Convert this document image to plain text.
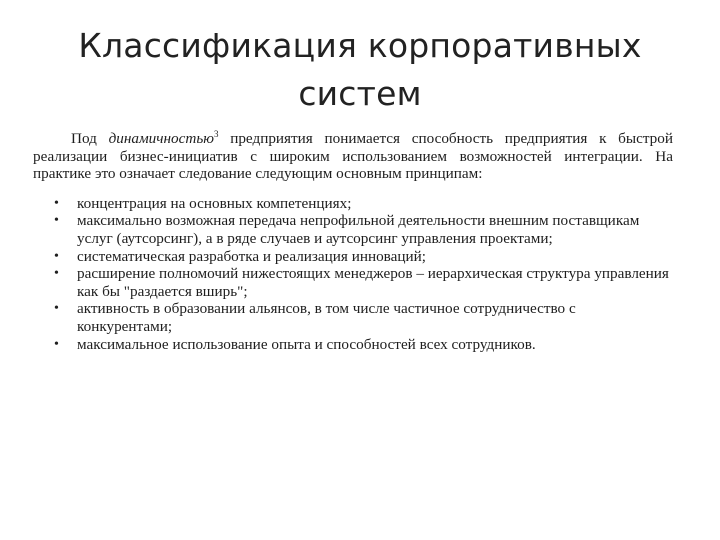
Классификация корпоративных
систем

Под динамичностью$^3$ предприятия понимается способность предприятия к быстрой реализации бизнес-инициатив с широким использованием возможностей интеграции. На практике это означает следование следующим основным принципам:

• концентрация на основных компетенциях;
• максимально возможная передача непрофильной деятельности внешним поставщикам услуг (аутсорсинг), а в ряде случаев и аутсорсинг управления проектами;
• систематическая разработка и реализация инноваций;
• расширение полномочий нижестоящих менеджеров – иерархическая структура управления как бы "раздается вширь";
• активность в образовании альянсов, в том числе частичное сотрудничество с конкурентами;
• максимальное использование опыта и способностей всех сотрудников.
